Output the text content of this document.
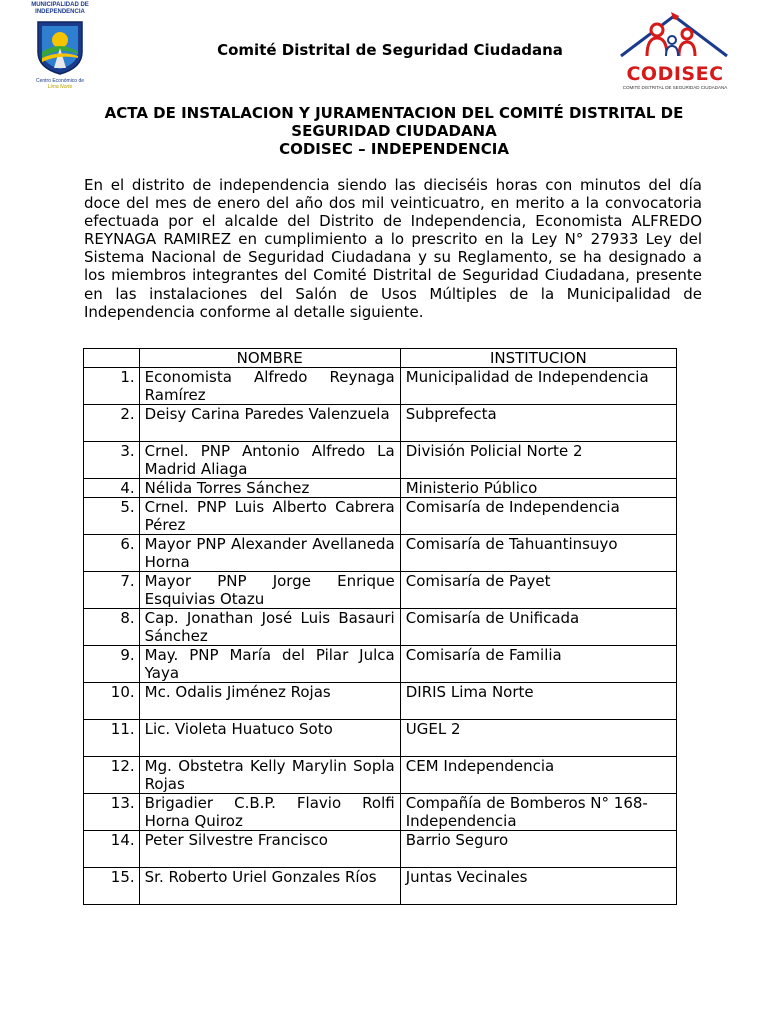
MUNICIPALIDAD DE INDEPENDENCIA
Centro Económico de
Lima Norte
Comité Distrital de Seguridad Ciudadana
CODISEC
COMITÉ DISTRITAL DE SEGURIDAD CIUDADANA
ACTA DE INSTALACION Y JURAMENTACION DEL COMITÉ DISTRITAL DE
SEGURIDAD CIUDADANA
CODISEC – INDEPENDENCIA

En el distrito de independencia siendo las dieciséis horas con minutos del día doce del mes de enero del año dos mil veinticuatro, en merito a la convocatoria efectuada por el alcalde del Distrito de Independencia, Economista ALFREDO REYNAGA RAMIREZ en cumplimiento a lo prescrito en la Ley N° 27933 Ley del Sistema Nacional de Seguridad Ciudadana y su Reglamento, se ha designado a los miembros integrantes del Comité Distrital de Seguridad Ciudadana, presente en las instalaciones del Salón de Usos Múltiples de la Municipalidad de Independencia conforme al detalle siguiente.

	NOMBRE	INSTITUCION
1.	Economista Alfredo Reynaga Ramírez	Municipalidad de Independencia
2.	Deisy Carina Paredes Valenzuela	Subprefecta
3.	Crnel. PNP Antonio Alfredo La Madrid Aliaga	División Policial Norte 2
4.	Nélida Torres Sánchez	Ministerio Público
5.	Crnel. PNP Luis Alberto Cabrera Pérez	Comisaría de Independencia
6.	Mayor PNP Alexander Avellaneda Horna	Comisaría de Tahuantinsuyo
7.	Mayor PNP Jorge Enrique Esquivias Otazu	Comisaría de Payet
8.	Cap. Jonathan José Luis Basauri Sánchez	Comisaría de Unificada
9.	May. PNP María del Pilar Julca Yaya	Comisaría de Familia
10.	Mc. Odalis Jiménez Rojas	DIRIS Lima Norte
11.	Lic. Violeta Huatuco Soto	UGEL 2
12.	Mg. Obstetra Kelly Marylin Sopla Rojas	CEM Independencia
13.	Brigadier C.B.P. Flavio Rolfi Horna Quiroz	Compañía de Bomberos N° 168- Independencia
14.	Peter Silvestre Francisco	Barrio Seguro
15.	Sr. Roberto Uriel Gonzales Ríos	Juntas Vecinales
